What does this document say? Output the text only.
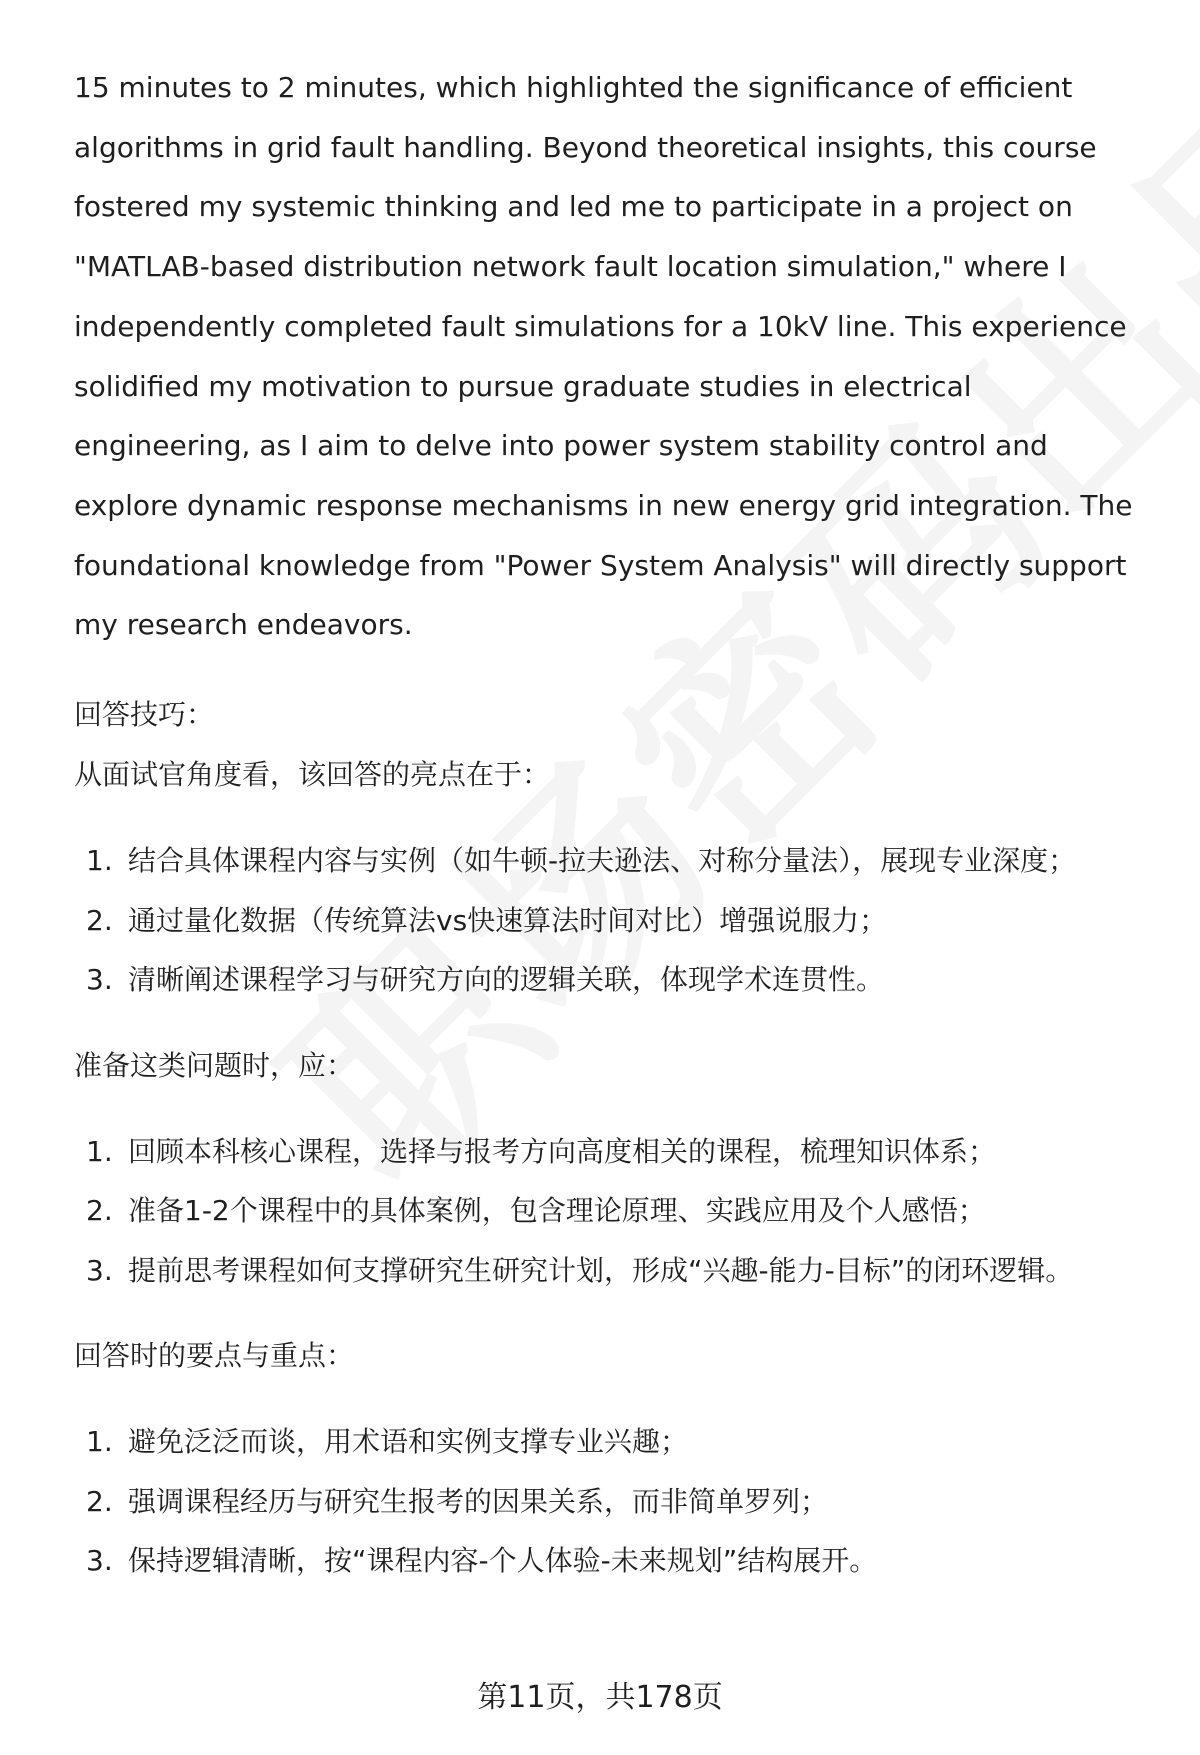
15 minutes to 2 minutes, which highlighted the significance of efficient algorithms in grid fault handling. Beyond theoretical insights, this course fostered my systemic thinking and led me to participate in a project on "MATLAB-based distribution network fault location simulation," where I independently completed fault simulations for a 10kV line. This experience solidified my motivation to pursue graduate studies in electrical engineering, as I aim to delve into power system stability control and explore dynamic response mechanisms in new energy grid integration. The foundational knowledge from "Power System Analysis" will directly support my research endeavors.

回答技巧：

从面试官角度看，该回答的亮点在于：

1. 结合具体课程内容与实例（如牛顿-拉夫逊法、对称分量法），展现专业深度；
2. 通过量化数据（传统算法vs快速算法时间对比）增强说服力；
3. 清晰阐述课程学习与研究方向的逻辑关联，体现学术连贯性。

准备这类问题时，应：

1. 回顾本科核心课程，选择与报考方向高度相关的课程，梳理知识体系；
2. 准备1-2个课程中的具体案例，包含理论原理、实践应用及个人感悟；
3. 提前思考课程如何支撑研究生研究计划，形成“兴趣-能力-目标”的闭环逻辑。

回答时的要点与重点：

1. 避免泛泛而谈，用术语和实例支撑专业兴趣；
2. 强调课程经历与研究生报考的因果关系，而非简单罗列；
3. 保持逻辑清晰，按“课程内容-个人体验-未来规划”结构展开。
第11页，共178页
